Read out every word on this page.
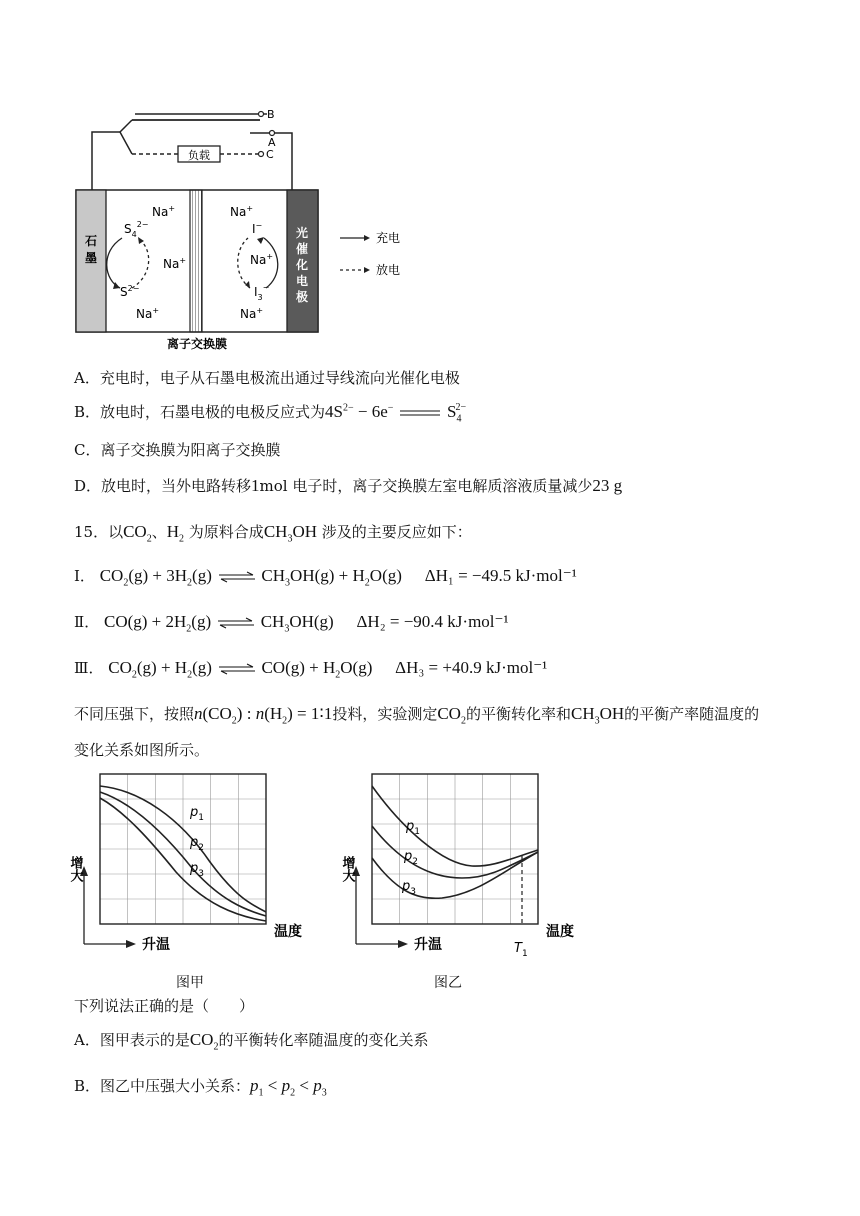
负载
B
A
C
石
墨
光
催
化
电
极
Na+
Na+
Na+
Na+
Na+
Na+
$S_4^{2-}$
$S^{2-}$
I−
$I_3^-$
离子交换膜
充电
放电
A．充电时，电子从石墨电极流出通过导线流向光催化电极
B．放电时，石墨电极的电极反应式为$4S^{2-} - 6e^-$	$S_4^{2-}$
C．离子交换膜为阳离子交换膜
D．放电时，当外电路转移1mol 电子时，离子交换膜左室电解质溶液质量减少23 g
15．以$CO_2$、$H_2$ 为原料合成$CH_3OH$ 涉及的主要反应如下：
Ⅰ． $CO_2(g) + 3H_2(g)$	$CH_3OH(g) + H_2O(g) \Delta H_1 = -49.5$ kJ·mol⁻¹
Ⅱ． $CO(g) + 2H_2(g)$	$CH_3OH(g) \Delta H_2 = -90.4$ kJ·mol⁻¹
Ⅲ． $CO_2(g) + H_2(g)$	$CO(g) + H_2O(g) \Delta H_3 = +40.9$ kJ·mol⁻¹
不同压强下，按照$n(CO_2)$ : $n(H_2)$ = 1∶1投料，实验测定$CO_2$的平衡转化率和$CH_3OH$的平衡产率随温度的
变化关系如图所示。
$p_1$
$p_2$
$p_3$
增大
升温
温度
图甲
$p_1$
$p_2$
$p_3$
增大
升温	$T_1$
温度
图乙
下列说法正确的是（　　）
A．图甲表示的是$CO_2$的平衡转化率随温度的变化关系
B．图乙中压强大小关系：$p_1 < p_2 < p_3$
